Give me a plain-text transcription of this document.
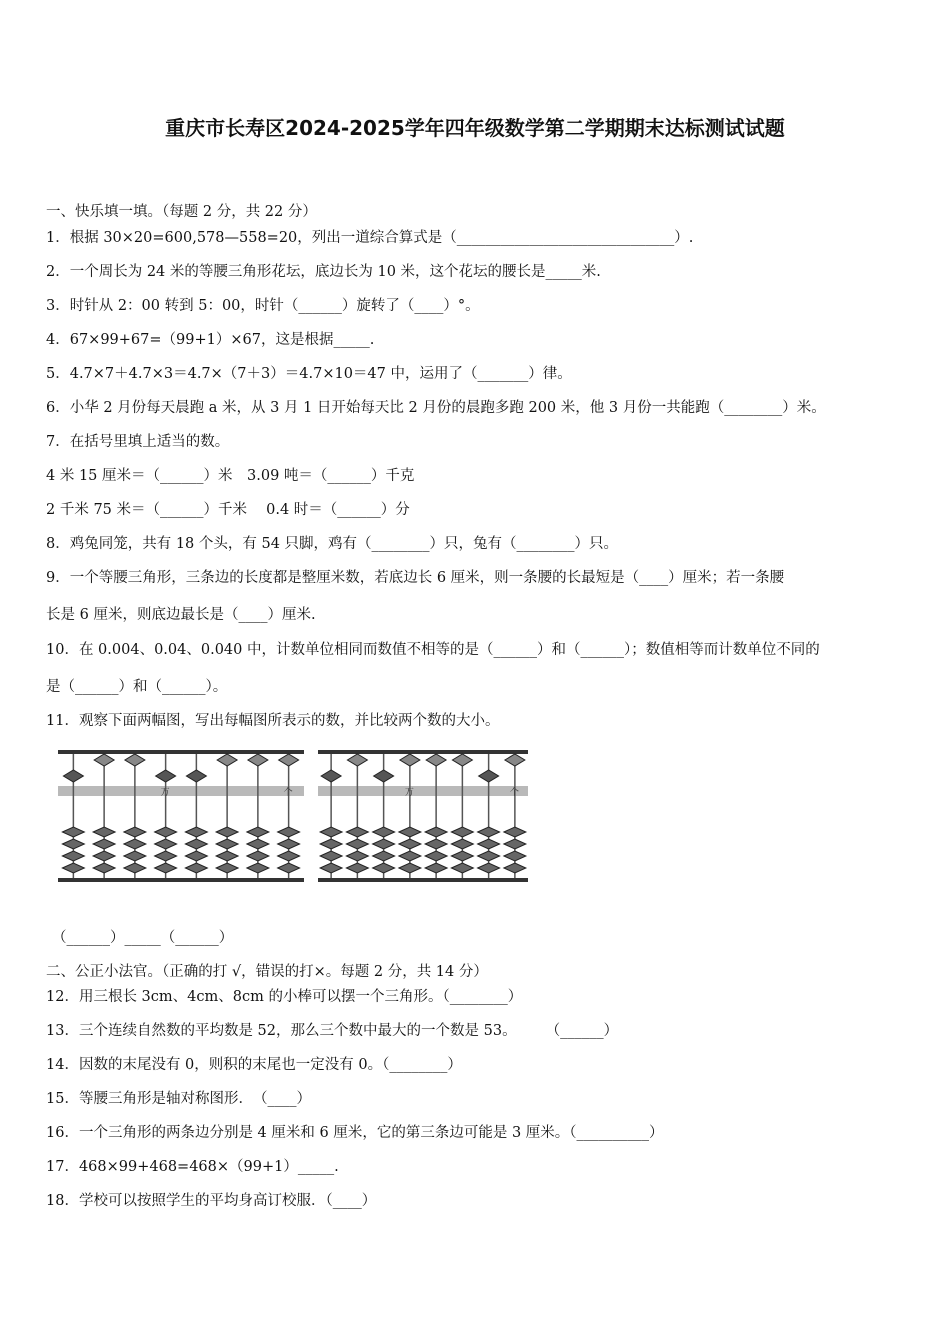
重庆市长寿区2024-2025学年四年级数学第二学期期末达标测试试题
一、快乐填一填。（每题 2 分，共 22 分）
1．根据 30×20=600,578—558=20，列出一道综合算式是（______________________________）.
2．一个周长为 24 米的等腰三角形花坛，底边长为 10 米，这个花坛的腰长是_____米.
3．时针从 2：00 转到 5：00，时针（______）旋转了（____）°。
4．67×99+67=（99+1）×67，这是根据_____.
5．4.7×7＋4.7×3＝4.7×（7＋3）＝4.7×10＝47 中，运用了（_______）律。
6．小华 2 月份每天晨跑 a 米，从 3 月 1 日开始每天比 2 月份的晨跑多跑 200 米，他 3 月份一共能跑（________）米。
7．在括号里填上适当的数。
4 米 15 厘米＝（______）米　3.09 吨＝（______）千克
2 千米 75 米＝（______）千米　 0.4 时＝（______）分
8．鸡兔同笼，共有 18 个头，有 54 只脚，鸡有（________）只，兔有（________）只。
9．一个等腰三角形，三条边的长度都是整厘米数，若底边长 6 厘米，则一条腰的长最短是（____）厘米；若一条腰
长是 6 厘米，则底边最长是（____）厘米.
10．在 0.004、0.04、0.040 中，计数单位相同而数值不相等的是（______）和（______）；数值相等而计数单位不同的
是（______）和（______）。
11．观察下面两幅图，写出每幅图所表示的数，并比较两个数的大小。
万	个	万	个
（______）_____（______）
二、公正小法官。（正确的打 √，错误的打×。每题 2 分，共 14 分）
12．用三根长 3cm、4cm、8cm 的小棒可以摆一个三角形。（________）
13．三个连续自然数的平均数是 52，那么三个数中最大的一个数是 53。　　　（______）
14．因数的末尾没有 0，则积的末尾也一定没有 0。（________）
15．等腰三角形是轴对称图形．　（____）
16．一个三角形的两条边分别是 4 厘米和 6 厘米，它的第三条边可能是 3 厘米。（__________）
17．468×99+468=468×（99+1）_____.
18．学校可以按照学生的平均身高订校服．（____）
